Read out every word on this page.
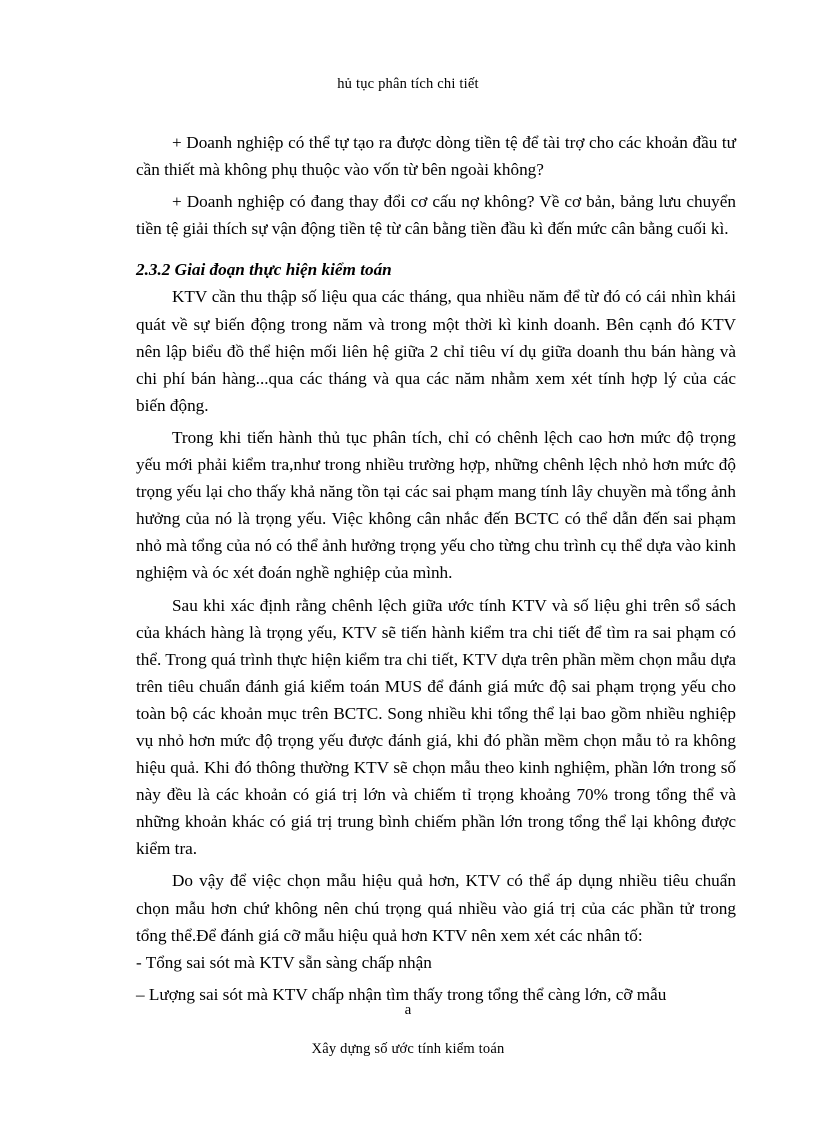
hủ tục phân tích chi tiết

+ Doanh nghiệp có thể tự tạo ra được dòng tiền tệ để tài trợ cho các khoản đầu tư cần thiết mà không phụ thuộc vào vốn từ bên ngoài không?

+ Doanh nghiệp có đang thay đổi cơ cấu nợ không? Về cơ bản, bảng lưu chuyển tiền tệ giải thích sự vận động tiền tệ từ cân bằng tiền đầu kì đến mức cân bằng cuối kì.

2.3.2 Giai đoạn thực hiện kiểm toán

KTV cần thu thập số liệu qua các tháng, qua nhiều năm để từ đó có cái nhìn khái quát về sự biến động trong năm và trong một thời kì kinh doanh. Bên cạnh đó KTV nên lập biểu đồ thể hiện mối liên hệ giữa 2 chỉ tiêu ví dụ giữa doanh thu bán hàng và chi phí bán hàng...qua các tháng và qua các năm nhằm xem xét tính hợp lý của các biến động.

Trong khi tiến hành thủ tục phân tích, chỉ có chênh lệch cao hơn mức độ trọng yếu mới phải kiểm tra,như trong nhiều trường hợp, những chênh lệch nhỏ hơn mức độ trọng yếu lại cho thấy khả năng tồn tại các sai phạm mang tính lây chuyền mà tổng ảnh hưởng của nó là trọng yếu. Việc không cân nhắc đến BCTC có thể dẫn đến sai phạm nhỏ mà tổng của nó có thể ảnh hưởng trọng yếu cho từng chu trình cụ thể dựa vào kinh nghiệm và óc xét đoán nghề nghiệp của mình.

Sau khi xác định rằng chênh lệch giữa ước tính KTV và số liệu ghi trên sổ sách của khách hàng là trọng yếu, KTV sẽ tiến hành kiểm tra chi tiết để tìm ra sai phạm có thể. Trong quá trình thực hiện kiểm tra chi tiết, KTV dựa trên phần mềm chọn mẫu dựa trên tiêu chuẩn đánh giá kiểm toán MUS để đánh giá mức độ sai phạm trọng yếu cho toàn bộ các khoản mục trên BCTC. Song nhiều khi tổng thể lại bao gồm nhiều nghiệp vụ nhỏ hơn mức độ trọng yếu được đánh giá, khi đó phần mềm chọn mẫu tỏ ra không hiệu quả. Khi đó thông thường KTV sẽ chọn mẫu theo kinh nghiệm, phần lớn trong số này đều là các khoản có giá trị lớn và chiếm tỉ trọng khoảng 70% trong tổng thể và những khoản khác có giá trị trung bình chiếm phần lớn trong tổng thể lại không được kiểm tra.

Do vậy để việc chọn mẫu hiệu quả hơn, KTV có thể áp dụng nhiều tiêu chuẩn chọn mẫu hơn chứ không nên chú trọng quá nhiều vào giá trị của các phần tử trong tổng thể.Để đánh giá cỡ mẫu hiệu quả hơn KTV nên xem xét các nhân tố:

- Tổng sai sót mà KTV sẵn sàng chấp nhận

– Lượng sai sót mà KTV chấp nhận tìm thấy trong tổng thể càng lớn, cỡ mẫu

a
Xây dựng số ước tính kiểm toán
